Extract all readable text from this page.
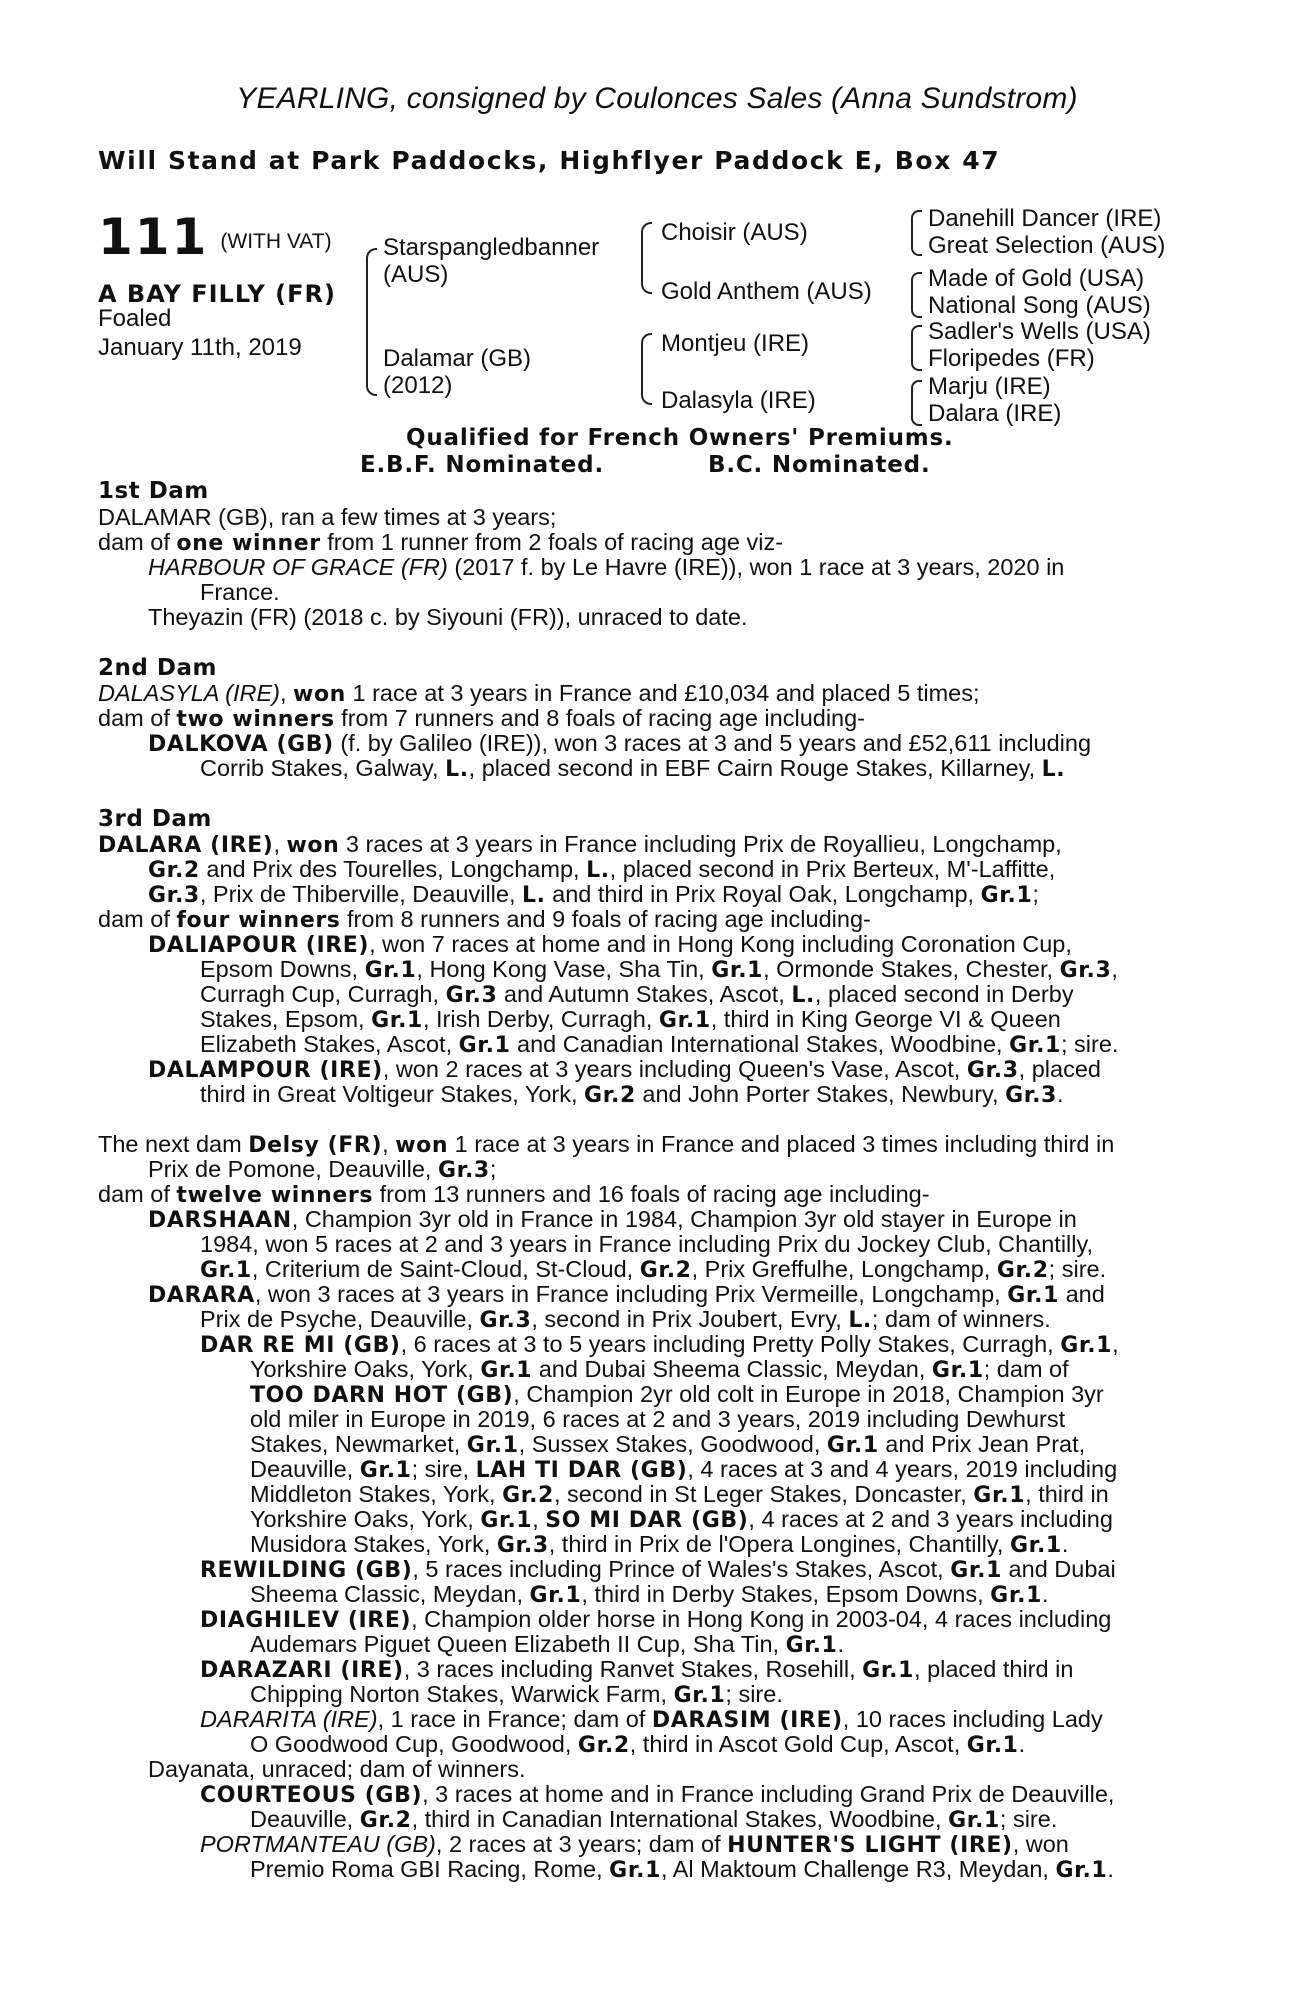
YEARLING, consigned by Coulonces Sales (Anna Sundstrom)
Will Stand at Park Paddocks, Highflyer Paddock E, Box 47
111 (WITH VAT)
A BAY FILLY (FR)
Foaled
January 11th, 2019
Starspangledbanner
(AUS)
Dalamar (GB)
(2012)
Choisir (AUS)
Gold Anthem (AUS)
Montjeu (IRE)
Dalasyla (IRE)
Danehill Dancer (IRE)
Great Selection (AUS)
Made of Gold (USA)
National Song (AUS)
Sadler's Wells (USA)
Floripedes (FR)
Marju (IRE)
Dalara (IRE)
Qualified for French Owners' Premiums.
E.B.F. Nominated.	B.C. Nominated.
1st Dam
DALAMAR (GB), ran a few times at 3 years;
dam of one winner from 1 runner from 2 foals of racing age viz-
HARBOUR OF GRACE (FR) (2017 f. by Le Havre (IRE)), won 1 race at 3 years, 2020 in
France.
Theyazin (FR) (2018 c. by Siyouni (FR)), unraced to date.
2nd Dam
DALASYLA (IRE), won 1 race at 3 years in France and £10,034 and placed 5 times;
dam of two winners from 7 runners and 8 foals of racing age including-
DALKOVA (GB) (f. by Galileo (IRE)), won 3 races at 3 and 5 years and £52,611 including
Corrib Stakes, Galway, L., placed second in EBF Cairn Rouge Stakes, Killarney, L.
3rd Dam
DALARA (IRE), won 3 races at 3 years in France including Prix de Royallieu, Longchamp,
Gr.2 and Prix des Tourelles, Longchamp, L., placed second in Prix Berteux, M'-Laffitte,
Gr.3, Prix de Thiberville, Deauville, L. and third in Prix Royal Oak, Longchamp, Gr.1;
dam of four winners from 8 runners and 9 foals of racing age including-
DALIAPOUR (IRE), won 7 races at home and in Hong Kong including Coronation Cup,
Epsom Downs, Gr.1, Hong Kong Vase, Sha Tin, Gr.1, Ormonde Stakes, Chester, Gr.3,
Curragh Cup, Curragh, Gr.3 and Autumn Stakes, Ascot, L., placed second in Derby
Stakes, Epsom, Gr.1, Irish Derby, Curragh, Gr.1, third in King George VI & Queen
Elizabeth Stakes, Ascot, Gr.1 and Canadian International Stakes, Woodbine, Gr.1; sire.
DALAMPOUR (IRE), won 2 races at 3 years including Queen's Vase, Ascot, Gr.3, placed
third in Great Voltigeur Stakes, York, Gr.2 and John Porter Stakes, Newbury, Gr.3.
The next dam Delsy (FR), won 1 race at 3 years in France and placed 3 times including third in
Prix de Pomone, Deauville, Gr.3;
dam of twelve winners from 13 runners and 16 foals of racing age including-
DARSHAAN, Champion 3yr old in France in 1984, Champion 3yr old stayer in Europe in
1984, won 5 races at 2 and 3 years in France including Prix du Jockey Club, Chantilly,
Gr.1, Criterium de Saint-Cloud, St-Cloud, Gr.2, Prix Greffulhe, Longchamp, Gr.2; sire.
DARARA, won 3 races at 3 years in France including Prix Vermeille, Longchamp, Gr.1 and
Prix de Psyche, Deauville, Gr.3, second in Prix Joubert, Evry, L.; dam of winners.
DAR RE MI (GB), 6 races at 3 to 5 years including Pretty Polly Stakes, Curragh, Gr.1,
Yorkshire Oaks, York, Gr.1 and Dubai Sheema Classic, Meydan, Gr.1; dam of
TOO DARN HOT (GB), Champion 2yr old colt in Europe in 2018, Champion 3yr
old miler in Europe in 2019, 6 races at 2 and 3 years, 2019 including Dewhurst
Stakes, Newmarket, Gr.1, Sussex Stakes, Goodwood, Gr.1 and Prix Jean Prat,
Deauville, Gr.1; sire, LAH TI DAR (GB), 4 races at 3 and 4 years, 2019 including
Middleton Stakes, York, Gr.2, second in St Leger Stakes, Doncaster, Gr.1, third in
Yorkshire Oaks, York, Gr.1, SO MI DAR (GB), 4 races at 2 and 3 years including
Musidora Stakes, York, Gr.3, third in Prix de l'Opera Longines, Chantilly, Gr.1.
REWILDING (GB), 5 races including Prince of Wales's Stakes, Ascot, Gr.1 and Dubai
Sheema Classic, Meydan, Gr.1, third in Derby Stakes, Epsom Downs, Gr.1.
DIAGHILEV (IRE), Champion older horse in Hong Kong in 2003-04, 4 races including
Audemars Piguet Queen Elizabeth II Cup, Sha Tin, Gr.1.
DARAZARI (IRE), 3 races including Ranvet Stakes, Rosehill, Gr.1, placed third in
Chipping Norton Stakes, Warwick Farm, Gr.1; sire.
DARARITA (IRE), 1 race in France; dam of DARASIM (IRE), 10 races including Lady
O Goodwood Cup, Goodwood, Gr.2, third in Ascot Gold Cup, Ascot, Gr.1.
Dayanata, unraced; dam of winners.
COURTEOUS (GB), 3 races at home and in France including Grand Prix de Deauville,
Deauville, Gr.2, third in Canadian International Stakes, Woodbine, Gr.1; sire.
PORTMANTEAU (GB), 2 races at 3 years; dam of HUNTER'S LIGHT (IRE), won
Premio Roma GBI Racing, Rome, Gr.1, Al Maktoum Challenge R3, Meydan, Gr.1.
